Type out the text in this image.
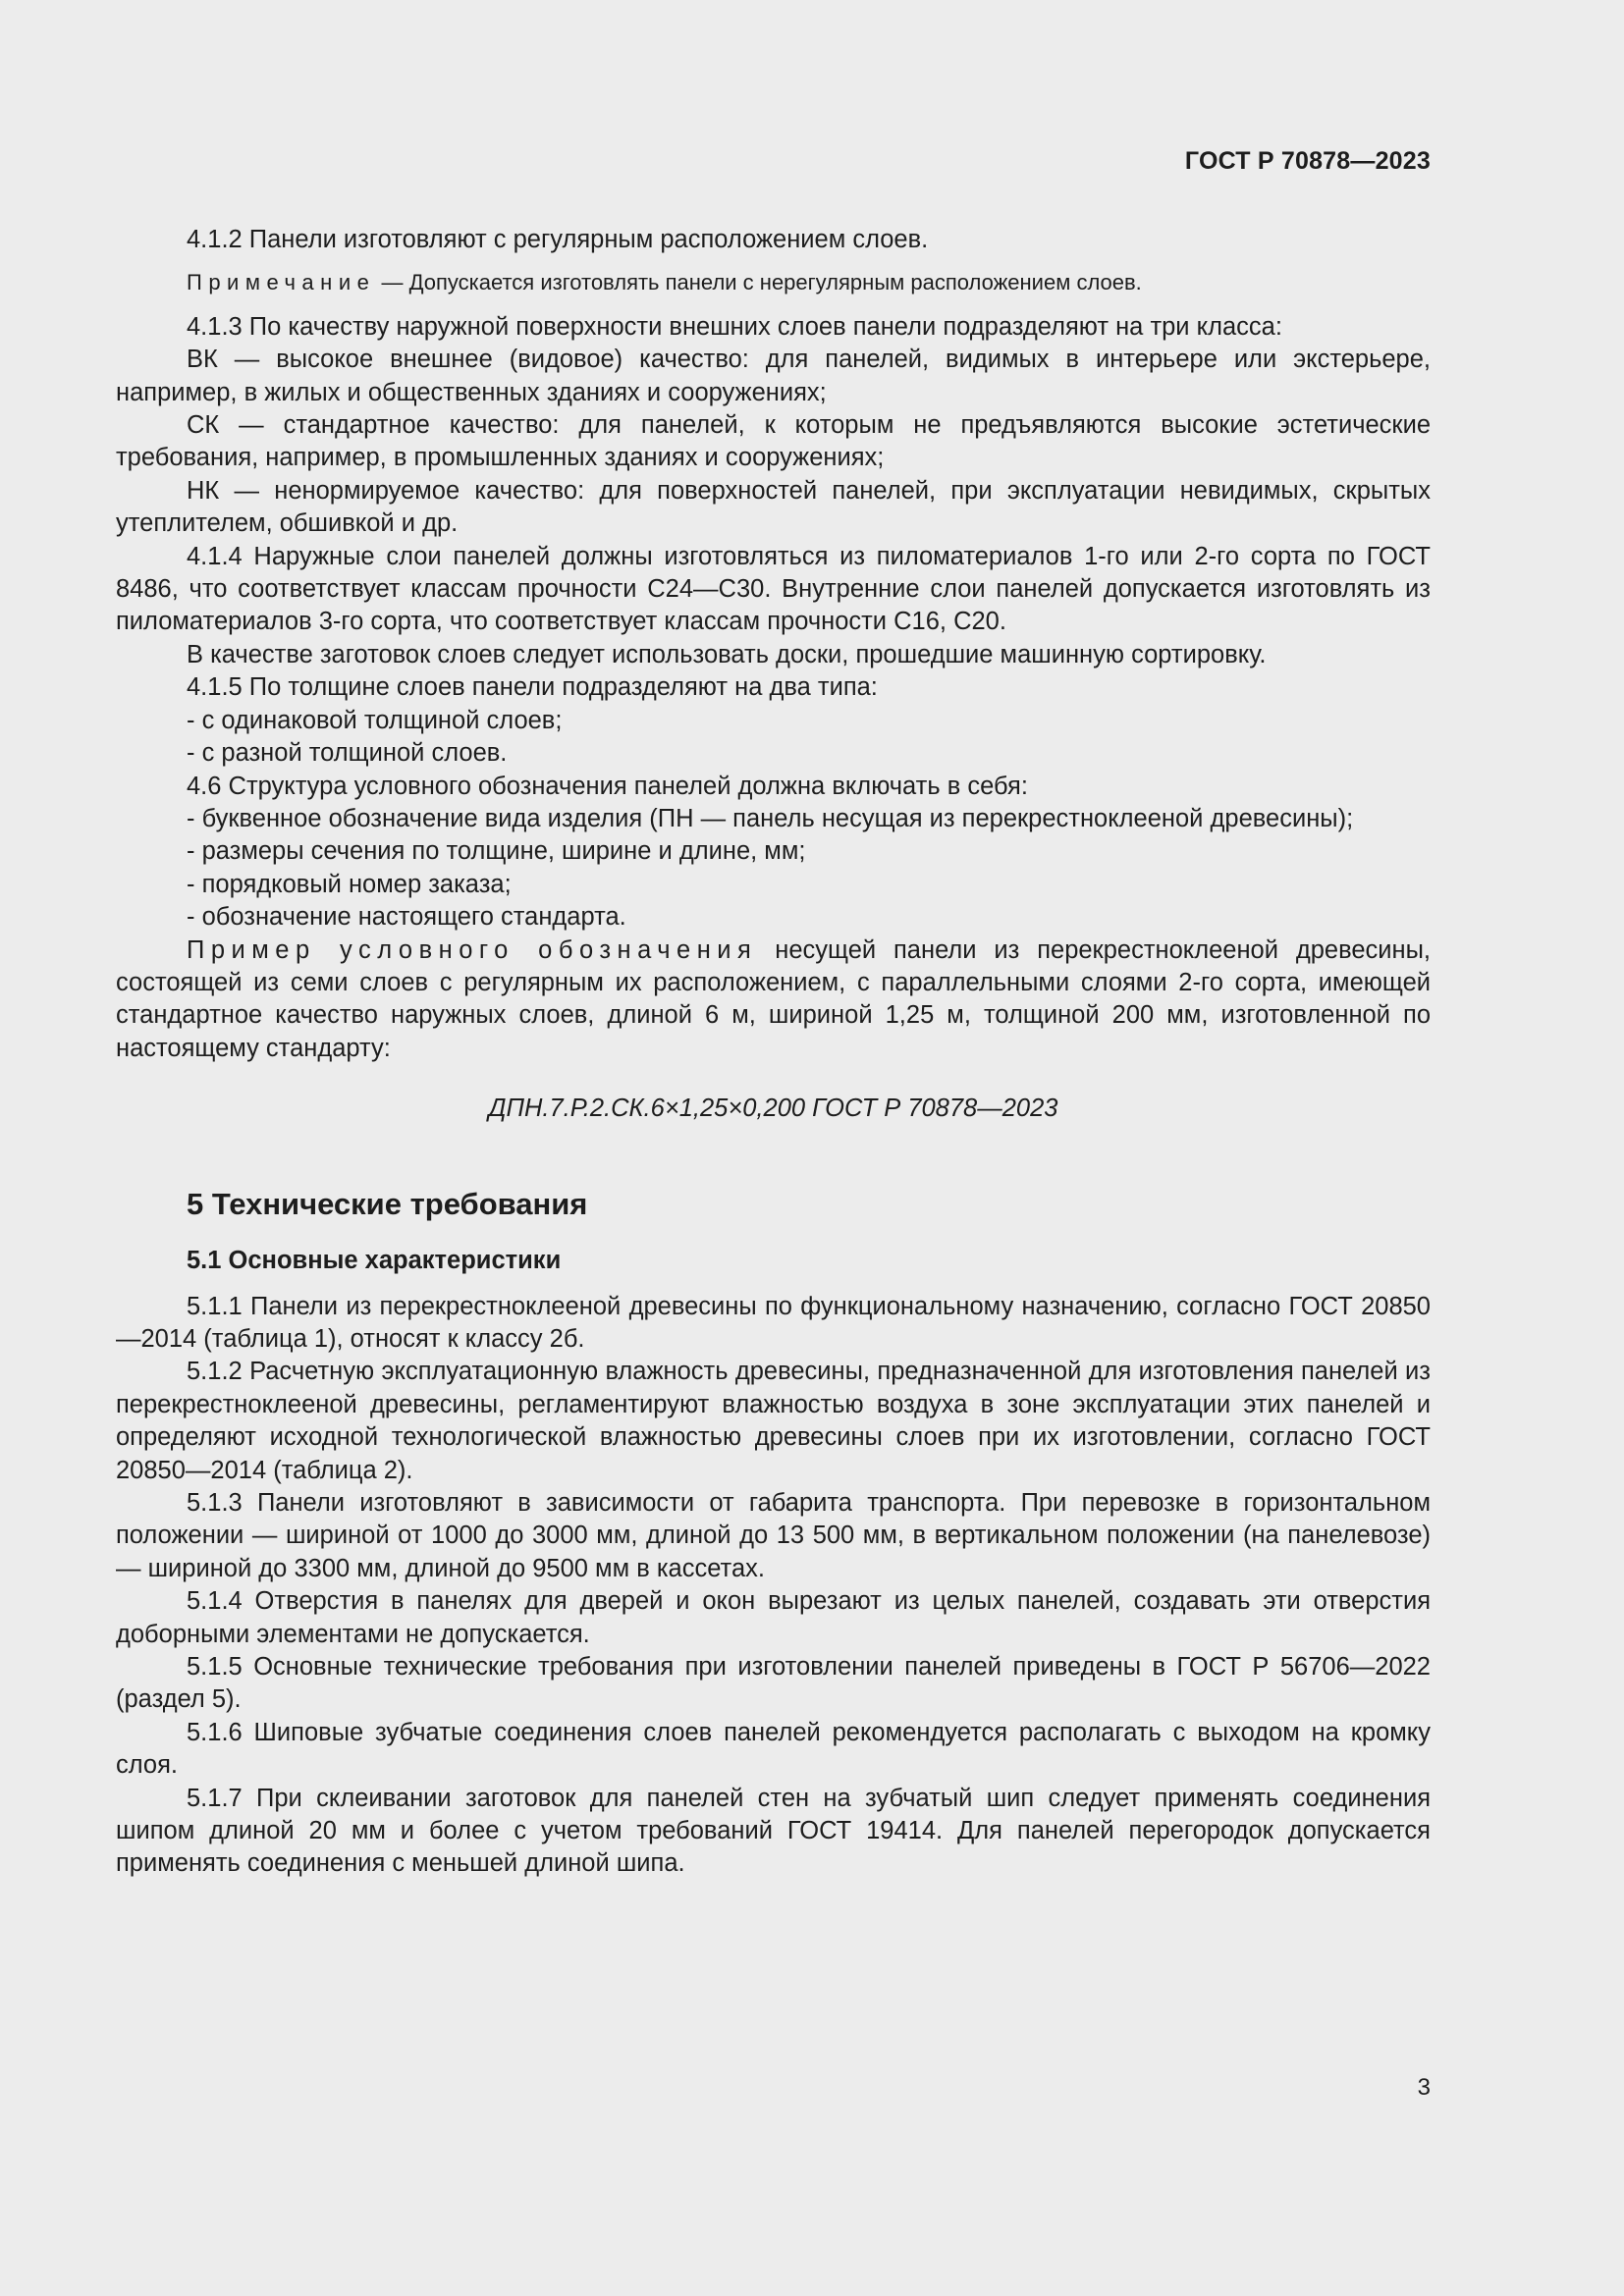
ГОСТ Р 70878—2023

4.1.2 Панели изготовляют с регулярным расположением слоев.

Примечание — Допускается изготовлять панели с нерегулярным расположением слоев.

4.1.3 По качеству наружной поверхности внешних слоев панели подразделяют на три класса:

ВК — высокое внешнее (видовое) качество: для панелей, видимых в интерьере или экстерьере, например, в жилых и общественных зданиях и сооружениях;

СК — стандартное качество: для панелей, к которым не предъявляются высокие эстетические требования, например, в промышленных зданиях и сооружениях;

НК — ненормируемое качество: для поверхностей панелей, при эксплуатации невидимых, скрытых утеплителем, обшивкой и др.

4.1.4 Наружные слои панелей должны изготовляться из пиломатериалов 1-го или 2-го сорта по ГОСТ 8486, что соответствует классам прочности С24—С30. Внутренние слои панелей допускается изготовлять из пиломатериалов 3-го сорта, что соответствует классам прочности С16, С20.

В качестве заготовок слоев следует использовать доски, прошедшие машинную сортировку.

4.1.5 По толщине слоев панели подразделяют на два типа:

- с одинаковой толщиной слоев;

- с разной толщиной слоев.

4.6 Структура условного обозначения панелей должна включать в себя:

- буквенное обозначение вида изделия (ПН — панель несущая из перекрестноклееной древесины);

- размеры сечения по толщине, ширине и длине, мм;

- порядковый номер заказа;

- обозначение настоящего стандарта.

Пример условного обозначения несущей панели из перекрестноклееной древесины, состоящей из семи слоев с регулярным их расположением, с параллельными слоями 2-го сорта, имеющей стандартное качество наружных слоев, длиной 6 м, шириной 1,25 м, толщиной 200 мм, изготовленной по настоящему стандарту:

ДПН.7.Р.2.СК.6×1,25×0,200 ГОСТ Р 70878—2023

5 Технические требования
5.1 Основные характеристики

5.1.1 Панели из перекрестноклееной древесины по функциональному назначению, согласно ГОСТ 20850—2014 (таблица 1), относят к классу 2б.

5.1.2 Расчетную эксплуатационную влажность древесины, предназначенной для изготовления панелей из перекрестноклееной древесины, регламентируют влажностью воздуха в зоне эксплуатации этих панелей и определяют исходной технологической влажностью древесины слоев при их изготовлении, согласно ГОСТ 20850—2014 (таблица 2).

5.1.3 Панели изготовляют в зависимости от габарита транспорта. При перевозке в горизонтальном положении — шириной от 1000 до 3000 мм, длиной до 13 500 мм, в вертикальном положении (на панелевозе) — шириной до 3300 мм, длиной до 9500 мм в кассетах.

5.1.4 Отверстия в панелях для дверей и окон вырезают из целых панелей, создавать эти отверстия доборными элементами не допускается.

5.1.5 Основные технические требования при изготовлении панелей приведены в ГОСТ Р 56706—2022 (раздел 5).

5.1.6 Шиповые зубчатые соединения слоев панелей рекомендуется располагать с выходом на кромку слоя.

5.1.7 При склеивании заготовок для панелей стен на зубчатый шип следует применять соединения шипом длиной 20 мм и более с учетом требований ГОСТ 19414. Для панелей перегородок допускается применять соединения с меньшей длиной шипа.

3
